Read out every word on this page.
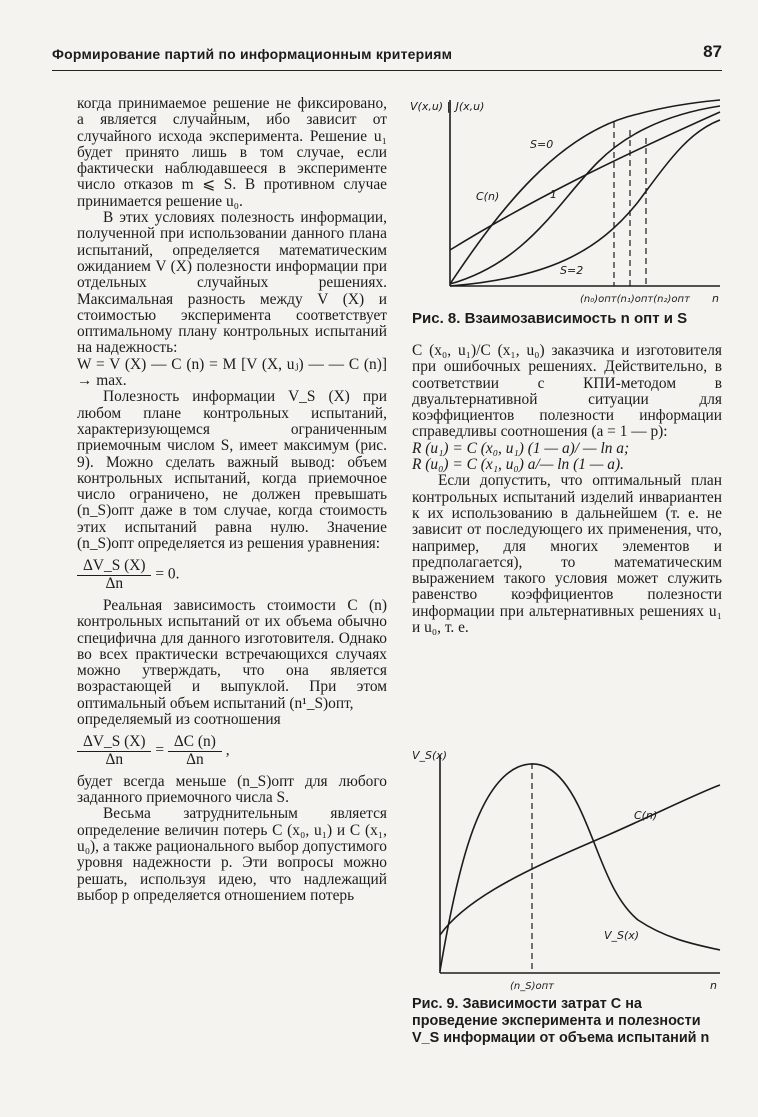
Формирование партий по информационным критериям	87

когда принимаемое решение не фиксировано, а является случайным, ибо зависит от случайного исхода эксперимента. Решение u₁ будет принято лишь в том случае, если фактически наблюдавшееся в эксперименте число отказов m ⩽ S. В противном случае принимается решение u₀.

В этих условиях полезность информации, полученной при использовании данного плана испытаний, определяется математическим ожиданием V (X) полезности информации при отдельных случайных решениях. Максимальная разность между V (X) и стоимостью эксперимента соответствует оптимальному плану контрольных испытаний на надежность:

W = V (X) — C (n) = M [V (X, uⱼ) — — C (n)] → max.

Полезность информации V_S (X) при любом плане контрольных испытаний, характеризующемся ограниченным приемочным числом S, имеет максимум (рис. 9). Можно сделать важный вывод: объем контрольных испытаний, когда приемочное число ограничено, не должен превышать (n_S)опт даже в том случае, когда стоимость этих испытаний равна нулю. Значение (n_S)опт определяется из решения уравнения:

$\frac{\Delta V\_S (X)}{\Delta n} = 0$.

Реальная зависимость стоимости C (n) контрольных испытаний от их объема обычно специфична для данного изготовителя. Однако во всех практически встречающихся случаях можно утверждать, что она является возрастающей и выпуклой. При этом оптимальный объем испытаний (n¹_S)опт,

определяемый из соотношения

$\frac{\Delta V\_S (X)}{\Delta n} = \frac{\Delta C (n)}{\Delta n}$ ,

будет всегда меньше (n_S)опт для любого заданного приемочного числа S.

Весьма затруднительным является определение величин потерь C (x₀, u₁) и C (x₁, u₀), а также рационального выбор допустимого уровня надежности p. Эти вопросы можно решать, используя идею, что надлежащий выбор p определяется отношением потерь

V(x,u) ‖ J(x,u)
S=0
1
C(n)
S=2
(n₀)опт(n₁)опт(n₂)опт n
Рис. 8. Взаимозависимость n опт и S

C (x₀, u₁)/C (x₁, u₀) заказчика и изготовителя при ошибочных решениях. Действительно, в соответствии с КПИ-методом в двуальтернативной ситуации для коэффициентов полезности информации справедливы соотношения (a = 1 — p):

R (u₁) = C (x₀, u₁) (1 — a)/ — ln a;

R (u₀) = C (x₁, u₀) a/— ln (1 — a).

Если допустить, что оптимальный план контрольных испытаний изделий инвариантен к их использованию в дальнейшем (т. е. не зависит от последующего их применения, что, например, для многих элементов и предполагается), то математическим выражением такого условия может служить равенство коэффициентов полезности информации при альтернативных решениях u₁ и u₀, т. е.

V_S(x)
C(n)
V_S(x)
(n_S)опт	n
Рис. 9. Зависимости затрат C на проведение эксперимента и полезности V_S информации от объема испытаний n
